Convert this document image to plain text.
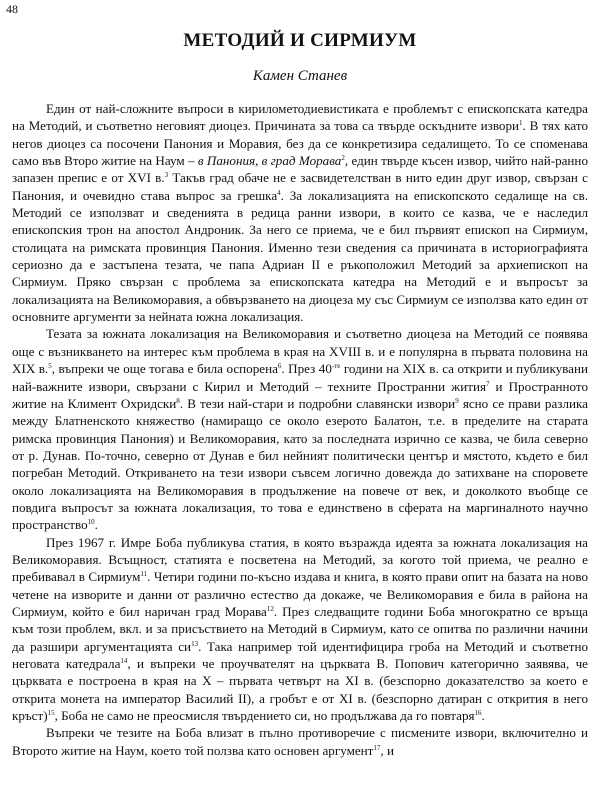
48
МЕТОДИЙ И СИРМИУМ
Камен Станев

Един от най-сложните въпроси в кирилометодиевистиката е проблемът с епископската катедра на Методий, и съответно неговият диоцез. Причината за това са твърде оскъдните извори$^1$. В тях като негов диоцез са посочени Панония и Моравия, без да се конкретизира седалището. То се споменава само във Второ житие на Наум – в Панония, в град Морава$^2$, един твърде късен извор, чийто най-ранно запазен препис е от XVI в.$^3$ Такъв град обаче не е засвидетелстван в нито един друг извор, свързан с Панония, и очевидно става въпрос за грешка$^4$. За локализацията на епископското седалище на св. Методий се използват и сведенията в редица ранни извори, в които се казва, че е наследил епископския трон на апостол Андроник. За него се приема, че е бил първият епископ на Сирмиум, столицата на римската провинция Панония. Именно тези сведения са причината в историографията сериозно да е застъпена тезата, че папа Адриан II е ръкоположил Методий за архиепископ на Сирмиум. Пряко свързан с проблема за епископската катедра на Методий е и въпросът за локализацията на Великоморавия, а обвързването на диоцеза му със Сирмиум се използва като един от основните аргументи за нейната южна локализация.

Тезата за южната локализация на Великоморавия и съответно диоцеза на Методий се появява още с възникването на интерес към проблема в края на XVIII в. и е популярна в първата половина на XIX в.$^5$, въпреки че още тогава е била оспорена$^6$. През $40^{-те}$ години на XIX в. са открити и публикувани най-важните извори, свързани с Кирил и Методий – техните Пространни жития$^7$ и Пространното житие на Климент Охридски$^8$. В тези най-стари и подробни славянски извори$^9$ ясно се прави разлика между Блатненското княжество (намиращо се около езерото Балатон, т.е. в пределите на старата римска провинция Панония) и Великоморавия, като за последната изрично се казва, че била северно от р. Дунав. По-точно, северно от Дунав е бил нейният политически център и мястото, където е бил погребан Методий. Откриването на тези извори съвсем логично довежда до затихване на споровете около локализацията на Великоморавия в продължение на повече от век, и доколкото въобще се повдига въпросът за южната локализация, то това е единствено в сферата на маргиналното научно пространство$^{10}$.

През 1967 г. Имре Боба публикува статия, в която възражда идеята за южната локализация на Великоморавия. Всъщност, статията е посветена на Методий, за когото той приема, че реално е пребивавал в Сирмиум$^{11}$. Четири години по-късно издава и книга, в която прави опит на базата на ново четене на изворите и данни от различно естество да докаже, че Великоморавия е била в района на Сирмиум, който е бил наричан град Морава$^{12}$. През следващите години Боба многократно се връща към този проблем, вкл. и за присъствието на Методий в Сирмиум, като се опитва по различни начини да разшири аргументацията $си^{13}$. Така например той идентифицира гроба на Методий и съответно неговата катедрала$^{14}$, и въпреки че проучвателят на църквата В. Попович категорично заявява, че църквата е построена в края на X – първата четвърт на XI в. (безспорно доказателство за което е открита монета на император Василий II), а гробът е от XI в. (безспорно датиран с открития в него кръст)$^{15}$, Боба не само не преосмисля твърдението си, но продължава да го повтаря$^{16}$.

Въпреки че тезите на Боба влизат в пълно противоречие с писмените извори, включително и Второто житие на Наум, което той ползва като основен аргумент$^{17}$, и
